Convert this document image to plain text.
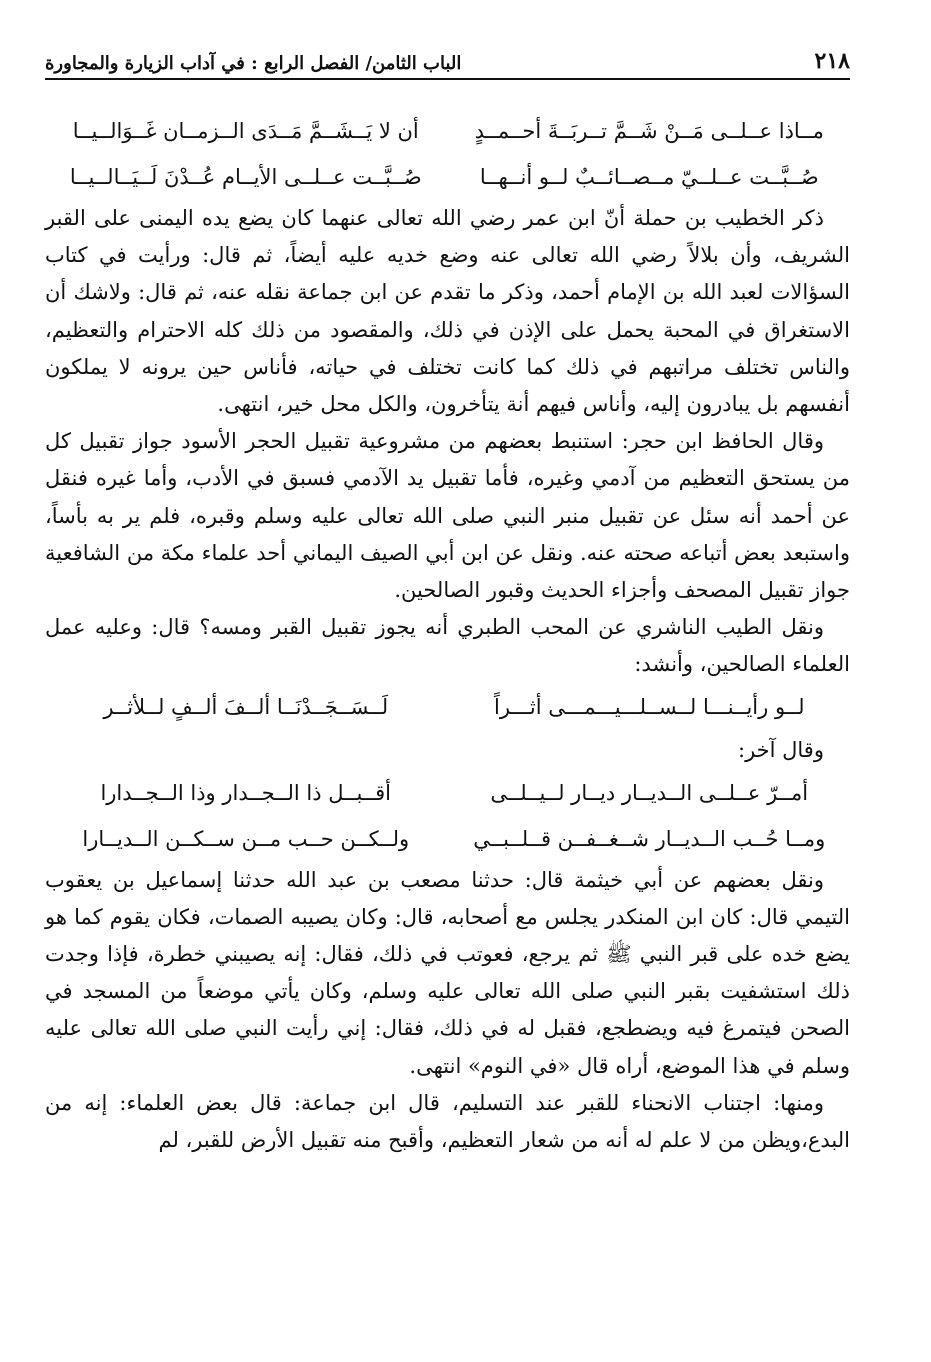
٢١٨
الباب الثامن/ الفصل الرابع : في آداب الزيارة والمجاورة
مــاذا عــلــى مَــنْ شَــمَّ تــربَــةَ أحــمــدٍ
أن لا يَــشَــمَّ مَــدَى الــزمــان غَــوَالــيــا
صُــبَّــت عــلــيّ مــصــائــبٌ لــو أنــهــا
صُــبَّــت عــلــى الأيــام عُــدْنَ لَــيَــالــيــا

ذكر الخطيب بن حملة أنّ ابن عمر رضي الله تعالى عنهما كان يضع يده اليمنى على القبر الشريف، وأن بلالاً رضي الله تعالى عنه وضع خديه عليه أيضاً، ثم قال: ورأيت في كتاب السؤالات لعبد الله بن الإمام أحمد، وذكر ما تقدم عن ابن جماعة نقله عنه، ثم قال: ولاشك أن الاستغراق في المحبة يحمل على الإذن في ذلك، والمقصود من ذلك كله الاحترام والتعظيم، والناس تختلف مراتبهم في ذلك كما كانت تختلف في حياته، فأناس حين يرونه لا يملكون أنفسهم بل يبادرون إليه، وأناس فيهم أنة يتأخرون، والكل محل خير، انتهى.

وقال الحافظ ابن حجر: استنبط بعضهم من مشروعية تقبيل الحجر الأسود جواز تقبيل كل من يستحق التعظيم من آدمي وغيره، فأما تقبيل يد الآدمي فسبق في الأدب، وأما غيره فنقل عن أحمد أنه سئل عن تقبيل منبر النبي صلى الله تعالى عليه وسلم وقبره، فلم ير به بأساً، واستبعد بعض أتباعه صحته عنه. ونقل عن ابن أبي الصيف اليماني أحد علماء مكة من الشافعية جواز تقبيل المصحف وأجزاء الحديث وقبور الصالحين.

ونقل الطيب الناشري عن المحب الطبري أنه يجوز تقبيل القبر ومسه؟ قال: وعليه عمل العلماء الصالحين، وأنشد:

لــو رأيــنـــا لــســلـــيـــمـــى أثـــراً
لَــسَــجَــدْنَــا ألــفَ ألــفٍ لــلأثــر

وقال آخر:

أمــرّ عــلــى الــديــار ديــار لــيــلــى
أقــبــل ذا الــجــدار وذا الــجــدارا
ومــا حُــب الــديــار شــغــفــن قــلــبــي
ولــكــن حــب مــن ســكــن الــديــارا

ونقل بعضهم عن أبي خيثمة قال: حدثنا مصعب بن عبد الله حدثنا إسماعيل بن يعقوب التيمي قال: كان ابن المنكدر يجلس مع أصحابه، قال: وكان يصيبه الصمات، فكان يقوم كما هو يضع خده على قبر النبي ﷺ ثم يرجع، فعوتب في ذلك، فقال: إنه يصيبني خطرة، فإذا وجدت ذلك استشفيت بقبر النبي صلى الله تعالى عليه وسلم، وكان يأتي موضعاً من المسجد في الصحن فيتمرغ فيه ويضطجع، فقبل له في ذلك، فقال: إني رأيت النبي صلى الله تعالى عليه وسلم في هذا الموضع، أراه قال «في النوم» انتهى.

ومنها: اجتناب الانحناء للقبر عند التسليم، قال ابن جماعة: قال بعض العلماء: إنه من البدع،ويظن من لا علم له أنه من شعار التعظيم، وأقبح منه تقبيل الأرض للقبر، لم
